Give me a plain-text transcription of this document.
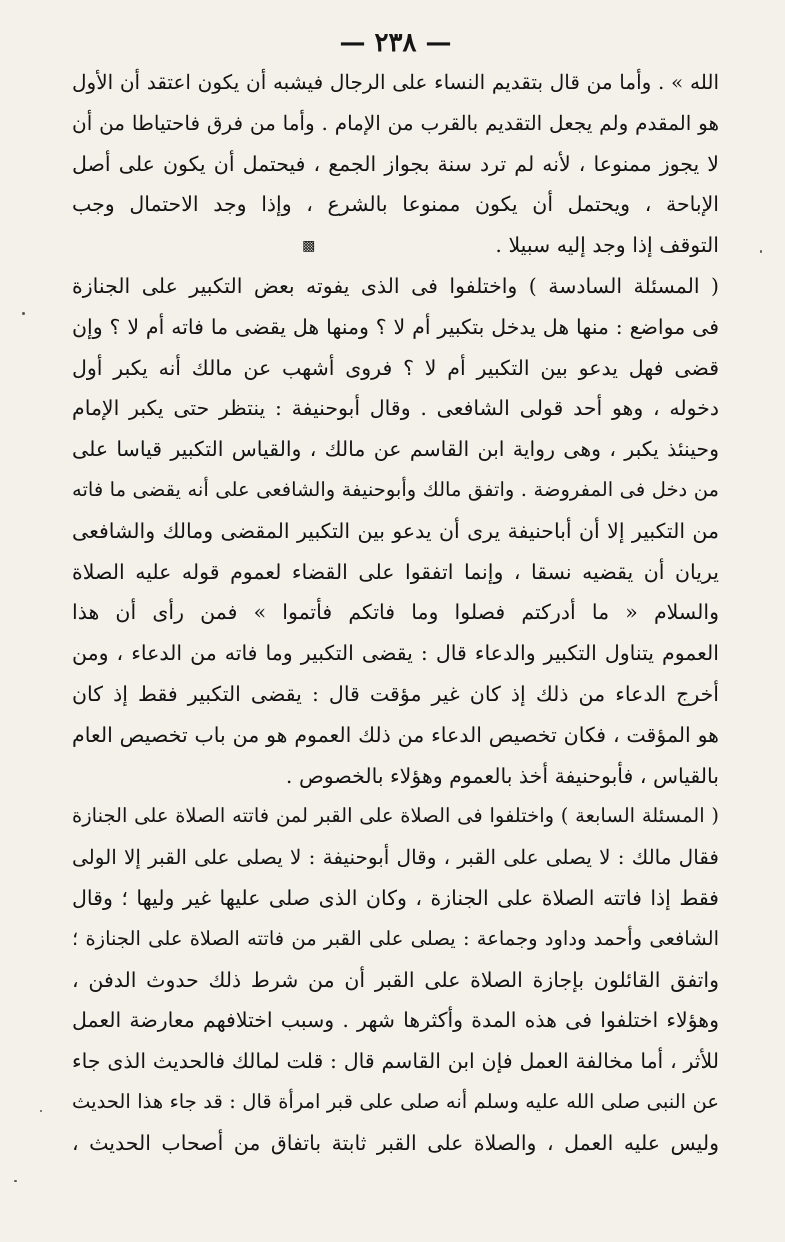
— ٢٣٨ —
الله » . وأما من قال بتقديم النساء على الرجال فيشبه أن يكون اعتقد أن الأول
هو المقدم ولم يجعل التقديم بالقرب من الإمام . وأما من فرق فاحتياطا من أن
لا يجوز ممنوعا ، لأنه لم ترد سنة بجواز الجمع ، فيحتمل أن يكون على أصل
الإباحة ، ويحتمل أن يكون ممنوعا بالشرع ، وإذا وجد الاحتمال وجب
التوقف إذا وجد إليه سبيلا .▩
( المسئلة السادسة ) واختلفوا فى الذى يفوته بعض التكبير على الجنازة
فى مواضع : منها هل يدخل بتكبير أم لا ؟ ومنها هل يقضى ما فاته أم لا ؟ وإن
قضى فهل يدعو بين التكبير أم لا ؟ فروى أشهب عن مالك أنه يكبر أول
دخوله ، وهو أحد قولى الشافعى . وقال أبوحنيفة : ينتظر حتى يكبر الإمام
وحينئذ يكبر ، وهى رواية ابن القاسم عن مالك ، والقياس التكبير قياسا على
من دخل فى المفروضة . واتفق مالك وأبوحنيفة والشافعى على أنه يقضى ما فاته
من التكبير إلا أن أباحنيفة يرى أن يدعو بين التكبير المقضى ومالك والشافعى
يريان أن يقضيه نسقا ، وإنما اتفقوا على القضاء لعموم قوله عليه الصلاة
والسلام « ما أدركتم فصلوا وما فاتكم فأتموا » فمن رأى أن هذا
العموم يتناول التكبير والدعاء قال : يقضى التكبير وما فاته من الدعاء ، ومن
أخرج الدعاء من ذلك إذ كان غير مؤقت قال : يقضى التكبير فقط إذ كان
هو المؤقت ، فكان تخصيص الدعاء من ذلك العموم هو من باب تخصيص العام
بالقياس ، فأبوحنيفة أخذ بالعموم وهؤلاء بالخصوص .
( المسئلة السابعة ) واختلفوا فى الصلاة على القبر لمن فاتته الصلاة على الجنازة
فقال مالك : لا يصلى على القبر ، وقال أبوحنيفة : لا يصلى على القبر إلا الولى
فقط إذا فاتته الصلاة على الجنازة ، وكان الذى صلى عليها غير وليها ؛ وقال
الشافعى وأحمد وداود وجماعة : يصلى على القبر من فاتته الصلاة على الجنازة ؛
واتفق القائلون بإجازة الصلاة على القبر أن من شرط ذلك حدوث الدفن ،
وهؤلاء اختلفوا فى هذه المدة وأكثرها شهر . وسبب اختلافهم معارضة العمل
للأثر ، أما مخالفة العمل فإن ابن القاسم قال : قلت لمالك فالحديث الذى جاء
عن النبى صلى الله عليه وسلم أنه صلى على قبر امرأة قال : قد جاء هذا الحديث
وليس عليه العمل ، والصلاة على القبر ثابتة باتفاق من أصحاب الحديث ،
